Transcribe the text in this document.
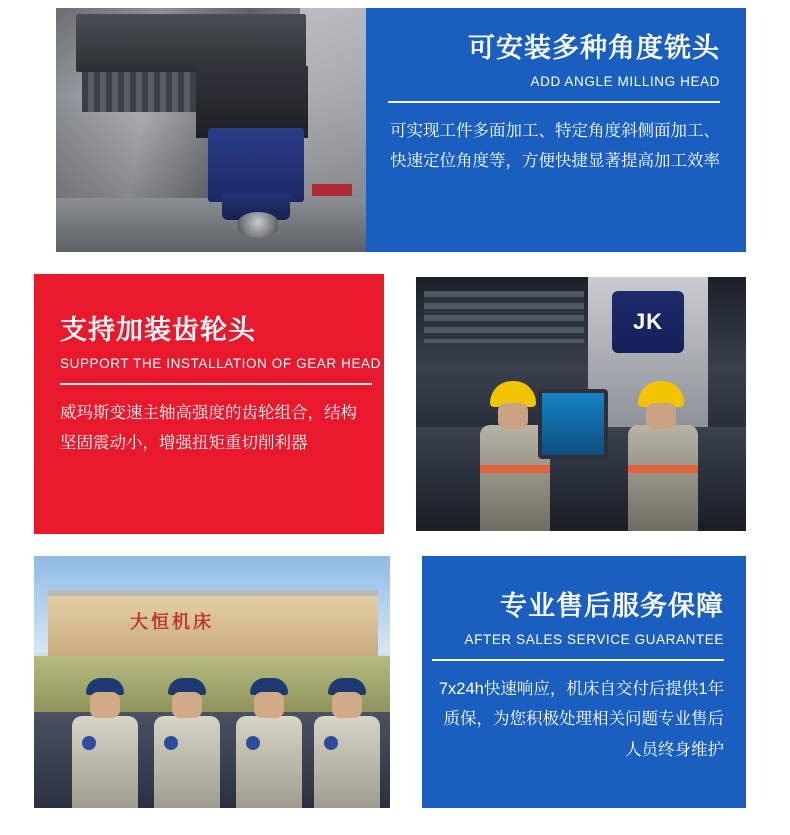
可安装多种角度铣头
ADD ANGLE MILLING HEAD
可实现工件多面加工、特定角度斜侧面加工、快速定位角度等，方便快捷显著提高加工效率
支持加装齿轮头
SUPPORT THE INSTALLATION OF GEAR HEAD
威玛斯变速主轴高强度的齿轮组合，结构坚固震动小，增强扭矩重切削利器
JK
大恒机床
专业售后服务保障
AFTER SALES SERVICE GUARANTEE
7x24h快速响应，机床自交付后提供1年质保，为您积极处理相关问题专业售后人员终身维护
